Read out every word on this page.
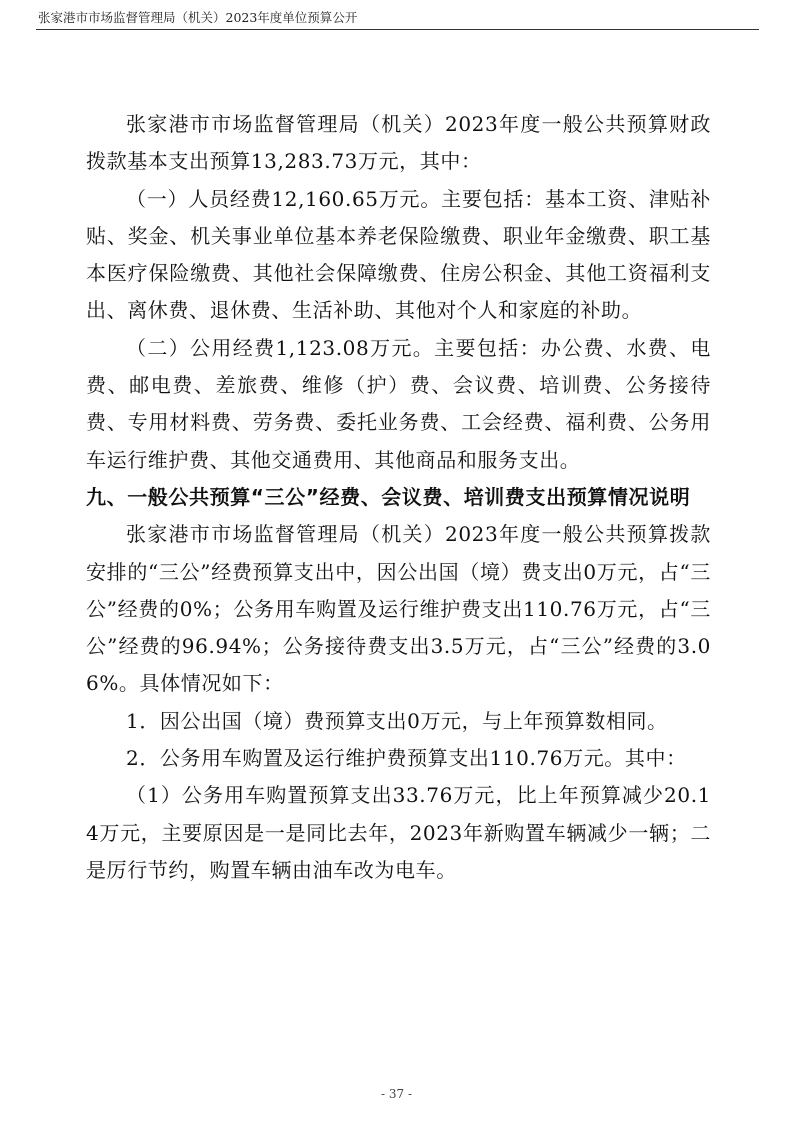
张家港市市场监督管理局（机关）2023年度单位预算公开

张家港市市场监督管理局（机关）2023年度一般公共预算财政拨款基本支出预算13,283.73万元，其中：

（一）人员经费12,160.65万元。主要包括：基本工资、津贴补贴、奖金、机关事业单位基本养老保险缴费、职业年金缴费、职工基本医疗保险缴费、其他社会保障缴费、住房公积金、其他工资福利支出、离休费、退休费、生活补助、其他对个人和家庭的补助。

（二）公用经费1,123.08万元。主要包括：办公费、水费、电费、邮电费、差旅费、维修（护）费、会议费、培训费、公务接待费、专用材料费、劳务费、委托业务费、工会经费、福利费、公务用车运行维护费、其他交通费用、其他商品和服务支出。

九、一般公共预算“三公”经费、会议费、培训费支出预算情况说明

张家港市市场监督管理局（机关）2023年度一般公共预算拨款安排的“三公”经费预算支出中，因公出国（境）费支出0万元，占“三公”经费的0%；公务用车购置及运行维护费支出110.76万元，占“三公”经费的96.94%；公务接待费支出3.5万元，占“三公”经费的3.06%。具体情况如下：

1．因公出国（境）费预算支出0万元，与上年预算数相同。

2．公务用车购置及运行维护费预算支出110.76万元。其中：

（1）公务用车购置预算支出33.76万元，比上年预算减少20.14万元，主要原因是一是同比去年，2023年新购置车辆减少一辆；二是厉行节约，购置车辆由油车改为电车。

- 37 -
